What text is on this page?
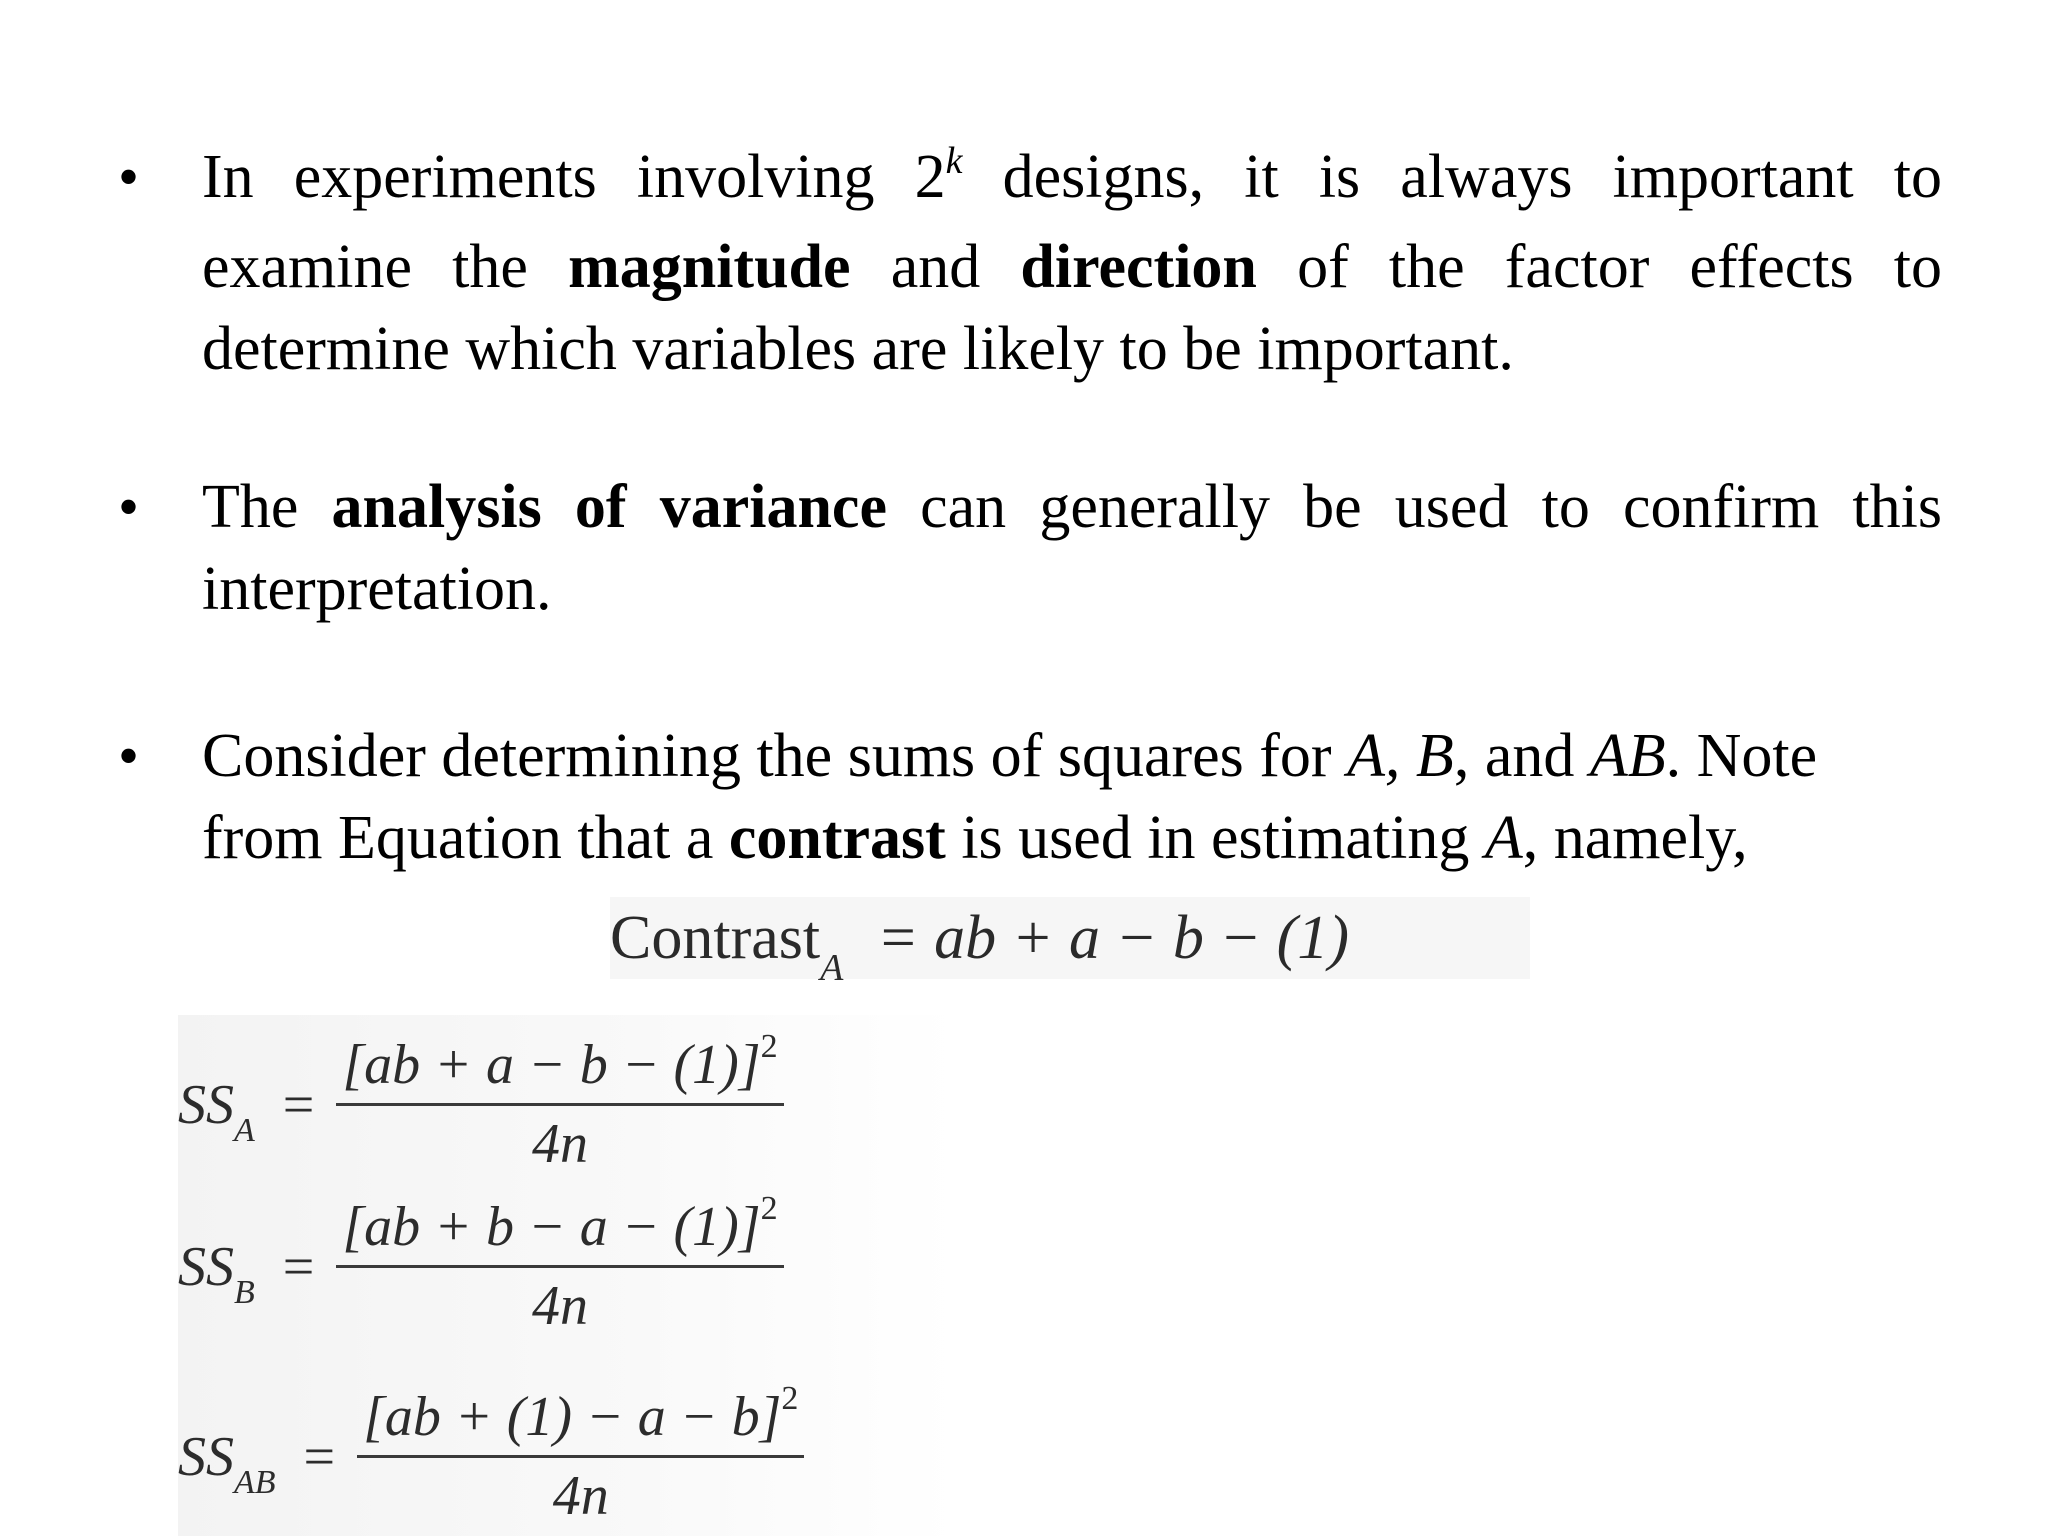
• In experiments involving 2$^k$ designs, it is always important to examine the magnitude and direction of the factor effects to determine which variables are likely to be important.
• The analysis of variance can generally be used to confirm this interpretation.
• Consider determining the sums of squares for A, B, and AB. Note from Equation that a contrast is used in estimating A, namely,
Contrast$_A$ = ab + a − b − (1)
$SS_A = \frac{[ab + a - b - (1)]^2}{4n}$
$SS_B = \frac{[ab + b - a - (1)]^2}{4n}$
$SS_{AB} = \frac{[ab + (1) - a - b]^2}{4n}$
